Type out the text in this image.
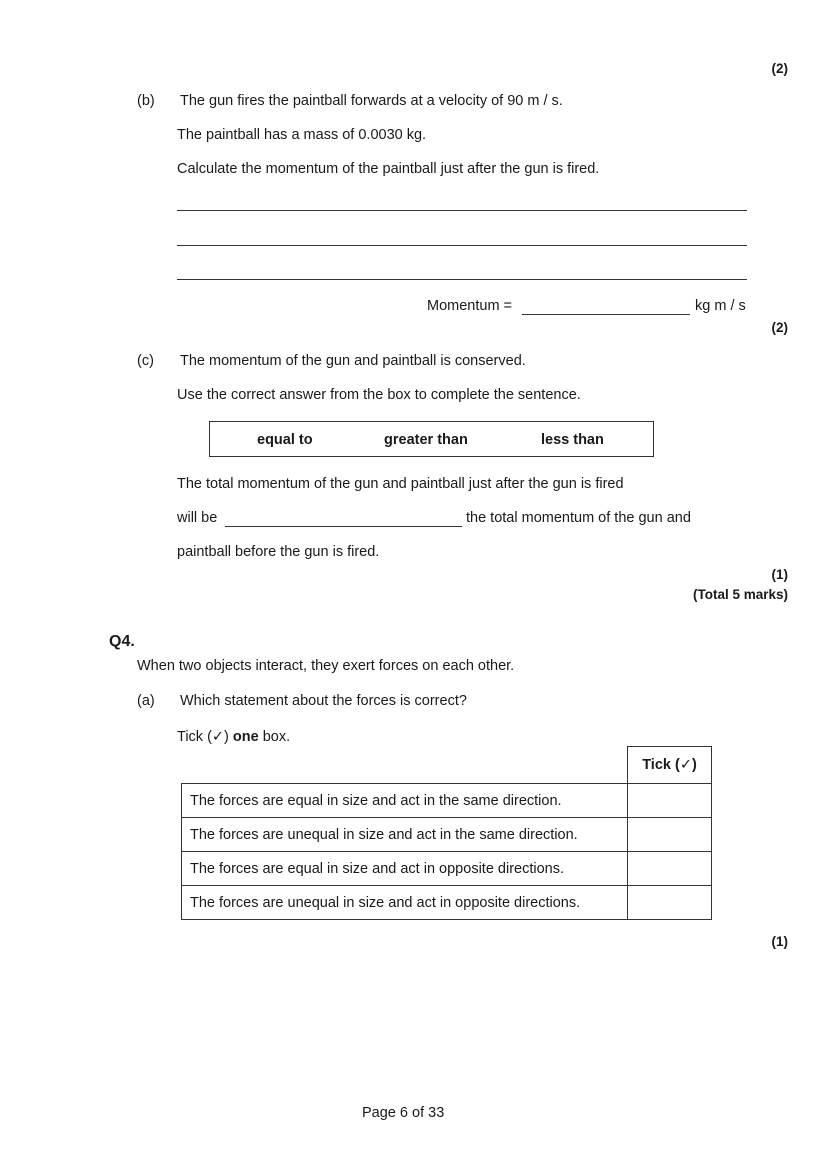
(2)
(b) The gun fires the paintball forwards at a velocity of 90 m / s.
The paintball has a mass of 0.0030 kg.
Calculate the momentum of the paintball just after the gun is fired.
Momentum =	kg m / s
(2)
(c) The momentum of the gun and paintball is conserved.
Use the correct answer from the box to complete the sentence.
equal to	greater than	less than
The total momentum of the gun and paintball just after the gun is fired
will be	the total momentum of the gun and
paintball before the gun is fired.
(1)
(Total 5 marks)
Q4.
When two objects interact, they exert forces on each other.
(a) Which statement about the forces is correct?
Tick (✓) one box.
	Tick (✓)
The forces are equal in size and act in the same direction.	
The forces are unequal in size and act in the same direction.	
The forces are equal in size and act in opposite directions.	
The forces are unequal in size and act in opposite directions.	
(1)
Page 6 of 33
